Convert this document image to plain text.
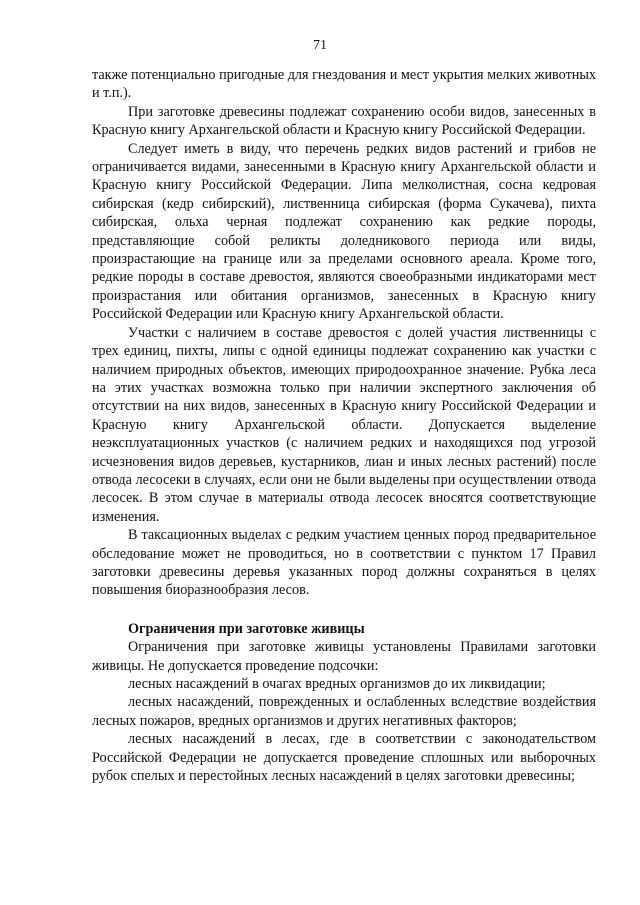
71

также потенциально пригодные для гнездования и мест укрытия мелких животных и т.п.).

При заготовке древесины подлежат сохранению особи видов, занесенных в Красную книгу Архангельской области и Красную книгу Российской Федерации.

Следует иметь в виду, что перечень редких видов растений и грибов не ограничивается видами, занесенными в Красную книгу Архангельской области и Красную книгу Российской Федерации. Липа мелколистная, сосна кедровая сибирская (кедр сибирский), лиственница сибирская (форма Сукачева), пихта сибирская, ольха черная подлежат сохранению как редкие породы, представляющие собой реликты доледникового периода или виды, произрастающие на границе или за пределами основного ареала. Кроме того, редкие породы в составе древостоя, являются своеобразными индикаторами мест произрастания или обитания организмов, занесенных в Красную книгу Российской Федерации или Красную книгу Архангельской области.

Участки с наличием в составе древостоя с долей участия лиственницы с трех единиц, пихты, липы с одной единицы подлежат сохранению как участки с наличием природных объектов, имеющих природоохранное значение. Рубка леса на этих участках возможна только при наличии экспертного заключения об отсутствии на них видов, занесенных в Красную книгу Российской Федерации и Красную книгу Архангельской области. Допускается выделение неэксплуатационных участков (с наличием редких и находящихся под угрозой исчезновения видов деревьев, кустарников, лиан и иных лесных растений) после отвода лесосеки в случаях, если они не были выделены при осуществлении отвода лесосек. В этом случае в материалы отвода лесосек вносятся соответствующие изменения.

В таксационных выделах с редким участием ценных пород предварительное обследование может не проводиться, но в соответствии с пунктом 17 Правил заготовки древесины деревья указанных пород должны сохраняться в целях повышения биоразнообразия лесов.

Ограничения при заготовке живицы

Ограничения при заготовке живицы установлены Правилами заготовки живицы. Не допускается проведение подсочки:

лесных насаждений в очагах вредных организмов до их ликвидации;

лесных насаждений, поврежденных и ослабленных вследствие воздействия лесных пожаров, вредных организмов и других негативных факторов;

лесных насаждений в лесах, где в соответствии с законодательством Российской Федерации не допускается проведение сплошных или выборочных рубок спелых и перестойных лесных насаждений в целях заготовки древесины;
